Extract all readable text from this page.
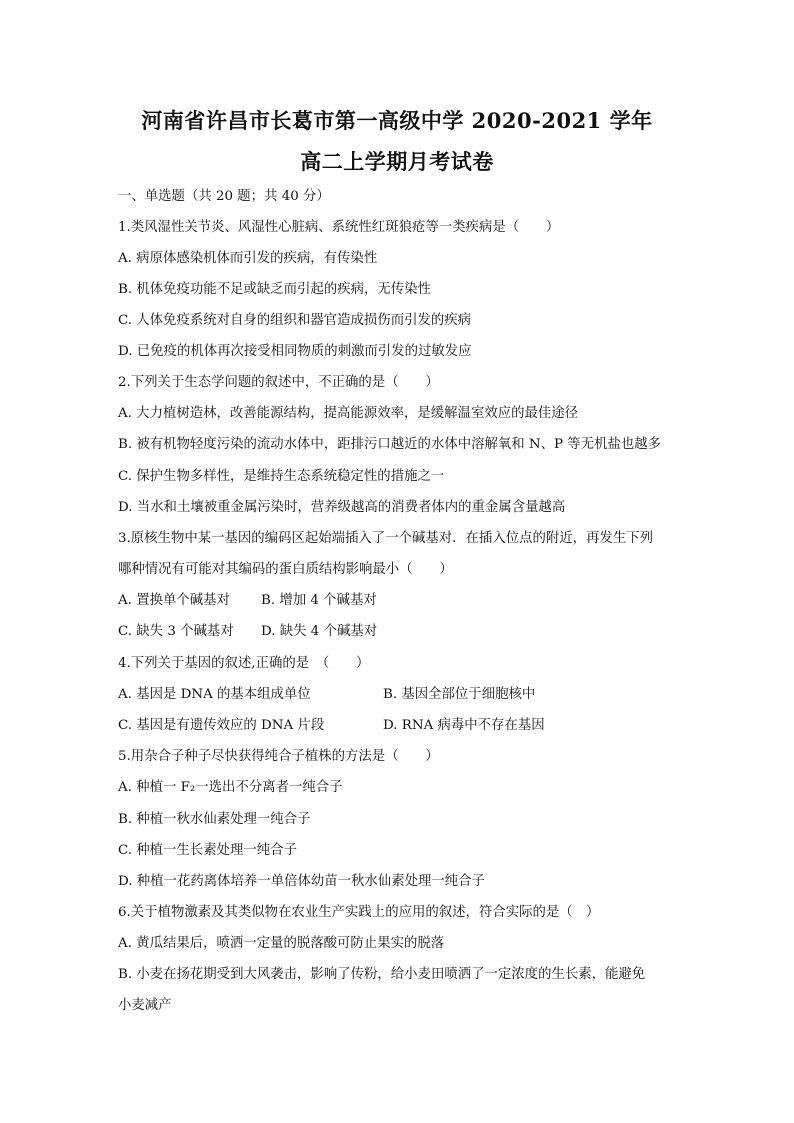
河南省许昌市长葛市第一高级中学 2020-2021 学年
高二上学期月考试卷

一、单选题（共 20 题；共 40 分）

1.类风湿性关节炎、风湿性心脏病、系统性红斑狼疮等一类疾病是（　　）

A. 病原体感染机体而引发的疾病，有传染性

B. 机体免疫功能不足或缺乏而引起的疾病，无传染性

C. 人体免疫系统对自身的组织和器官造成损伤而引发的疾病

D. 已免疫的机体再次接受相同物质的刺激而引发的过敏发应

2.下列关于生态学问题的叙述中，不正确的是（　　）

A. 大力植树造林，改善能源结构，提高能源效率，是缓解温室效应的最佳途径

B. 被有机物轻度污染的流动水体中，距排污口越近的水体中溶解氧和 N、P 等无机盐也越多

C. 保护生物多样性，是维持生态系统稳定性的措施之一

D. 当水和土壤被重金属污染时，营养级越高的消费者体内的重金属含量越高

3.原核生物中某一基因的编码区起始端插入了一个碱基对．在插入位点的附近，再发生下列

哪种情况有可能对其编码的蛋白质结构影响最小（　　）

A. 置换单个碱基对 B. 增加 4 个碱基对
C. 缺失 3 个碱基对 D. 缺失 4 个碱基对

4.下列关于基因的叙述,正确的是　（　　）

A. 基因是 DNA 的基本组成单位	B. 基因全部位于细胞核中
C. 基因是有遗传效应的 DNA 片段	D. RNA 病毒中不存在基因

5.用杂合子种子尽快获得纯合子植株的方法是（　　）

A. 种植一 F₂一选出不分离者一纯合子

B. 种植一秋水仙素处理一纯合子

C. 种植一生长素处理一纯合子

D. 种植一花药离体培养一单倍体幼苗一秋水仙素处理一纯合子

6.关于植物激素及其类似物在农业生产实践上的应用的叙述，符合实际的是（　）

A. 黄瓜结果后，喷洒一定量的脱落酸可防止果实的脱落

B. 小麦在扬花期受到大风袭击，影响了传粉，给小麦田喷洒了一定浓度的生长素，能避免

小麦减产
